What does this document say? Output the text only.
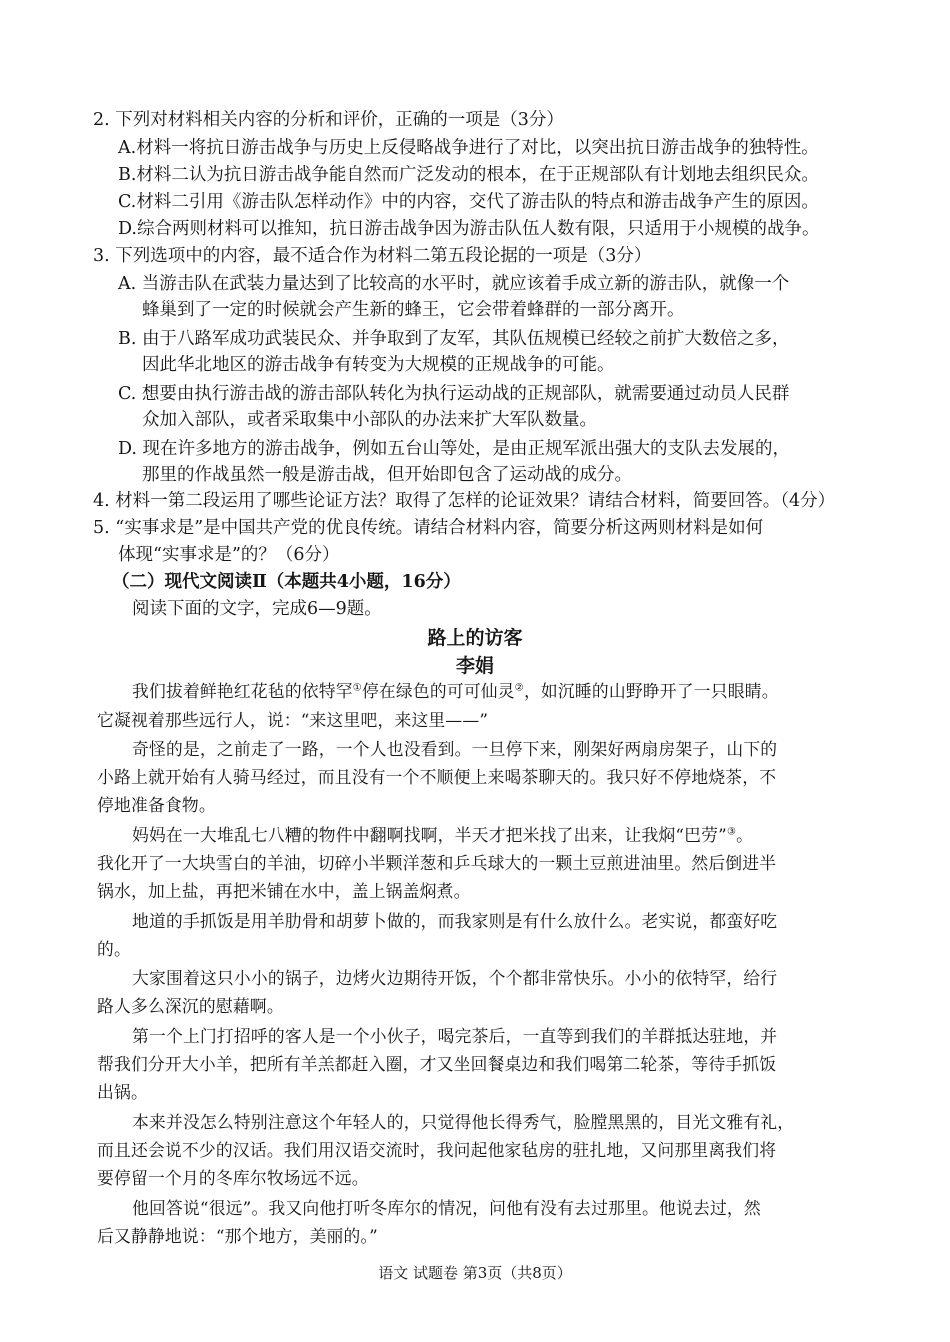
2. 下列对材料相关内容的分析和评价，正确的一项是（3分）
A.材料一将抗日游击战争与历史上反侵略战争进行了对比，以突出抗日游击战争的独特性。
B.材料二认为抗日游击战争能自然而广泛发动的根本，在于正规部队有计划地去组织民众。
C.材料二引用《游击队怎样动作》中的内容，交代了游击队的特点和游击战争产生的原因。
D.综合两则材料可以推知，抗日游击战争因为游击队伍人数有限，只适用于小规模的战争。
3. 下列选项中的内容，最不适合作为材料二第五段论据的一项是（3分）
A. 当游击队在武装力量达到了比较高的水平时，就应该着手成立新的游击队，就像一个
蜂巢到了一定的时候就会产生新的蜂王，它会带着蜂群的一部分离开。
B. 由于八路军成功武装民众、并争取到了友军，其队伍规模已经较之前扩大数倍之多，
因此华北地区的游击战争有转变为大规模的正规战争的可能。
C. 想要由执行游击战的游击部队转化为执行运动战的正规部队，就需要通过动员人民群
众加入部队，或者采取集中小部队的办法来扩大军队数量。
D. 现在许多地方的游击战争，例如五台山等处，是由正规军派出强大的支队去发展的，
那里的作战虽然一般是游击战，但开始即包含了运动战的成分。
4. 材料一第二段运用了哪些论证方法？取得了怎样的论证效果？请结合材料，简要回答。（4分）
5. “实事求是”是中国共产党的优良传统。请结合材料内容，简要分析这两则材料是如何
体现“实事求是”的？（6分）
（二）现代文阅读Ⅱ（本题共4小题，16分）
阅读下面的文字，完成6—9题。
路上的访客
李娟
我们拔着鲜艳红花毡的依特罕①停在绿色的可可仙灵②，如沉睡的山野睁开了一只眼睛。
它凝视着那些远行人，说：“来这里吧，来这里——”
奇怪的是，之前走了一路，一个人也没看到。一旦停下来，刚架好两扇房架子，山下的
小路上就开始有人骑马经过，而且没有一个不顺便上来喝茶聊天的。我只好不停地烧茶，不
停地准备食物。
妈妈在一大堆乱七八糟的物件中翻啊找啊，半天才把米找了出来，让我焖“巴劳”③。
我化开了一大块雪白的羊油，切碎小半颗洋葱和乒乓球大的一颗土豆煎进油里。然后倒进半
锅水，加上盐，再把米铺在水中，盖上锅盖焖煮。
地道的手抓饭是用羊肋骨和胡萝卜做的，而我家则是有什么放什么。老实说，都蛮好吃
的。
大家围着这只小小的锅子，边烤火边期待开饭，个个都非常快乐。小小的依特罕，给行
路人多么深沉的慰藉啊。
第一个上门打招呼的客人是一个小伙子，喝完茶后，一直等到我们的羊群抵达驻地，并
帮我们分开大小羊，把所有羊羔都赶入圈，才又坐回餐桌边和我们喝第二轮茶，等待手抓饭
出锅。
本来并没怎么特别注意这个年轻人的，只觉得他长得秀气，脸膛黑黑的，目光文雅有礼，
而且还会说不少的汉话。我们用汉语交流时，我问起他家毡房的驻扎地，又问那里离我们将
要停留一个月的冬库尔牧场远不远。
他回答说“很远”。我又向他打听冬库尔的情况，问他有没有去过那里。他说去过，然
后又静静地说：“那个地方，美丽的。”
语文 试题卷 第3页（共8页）
